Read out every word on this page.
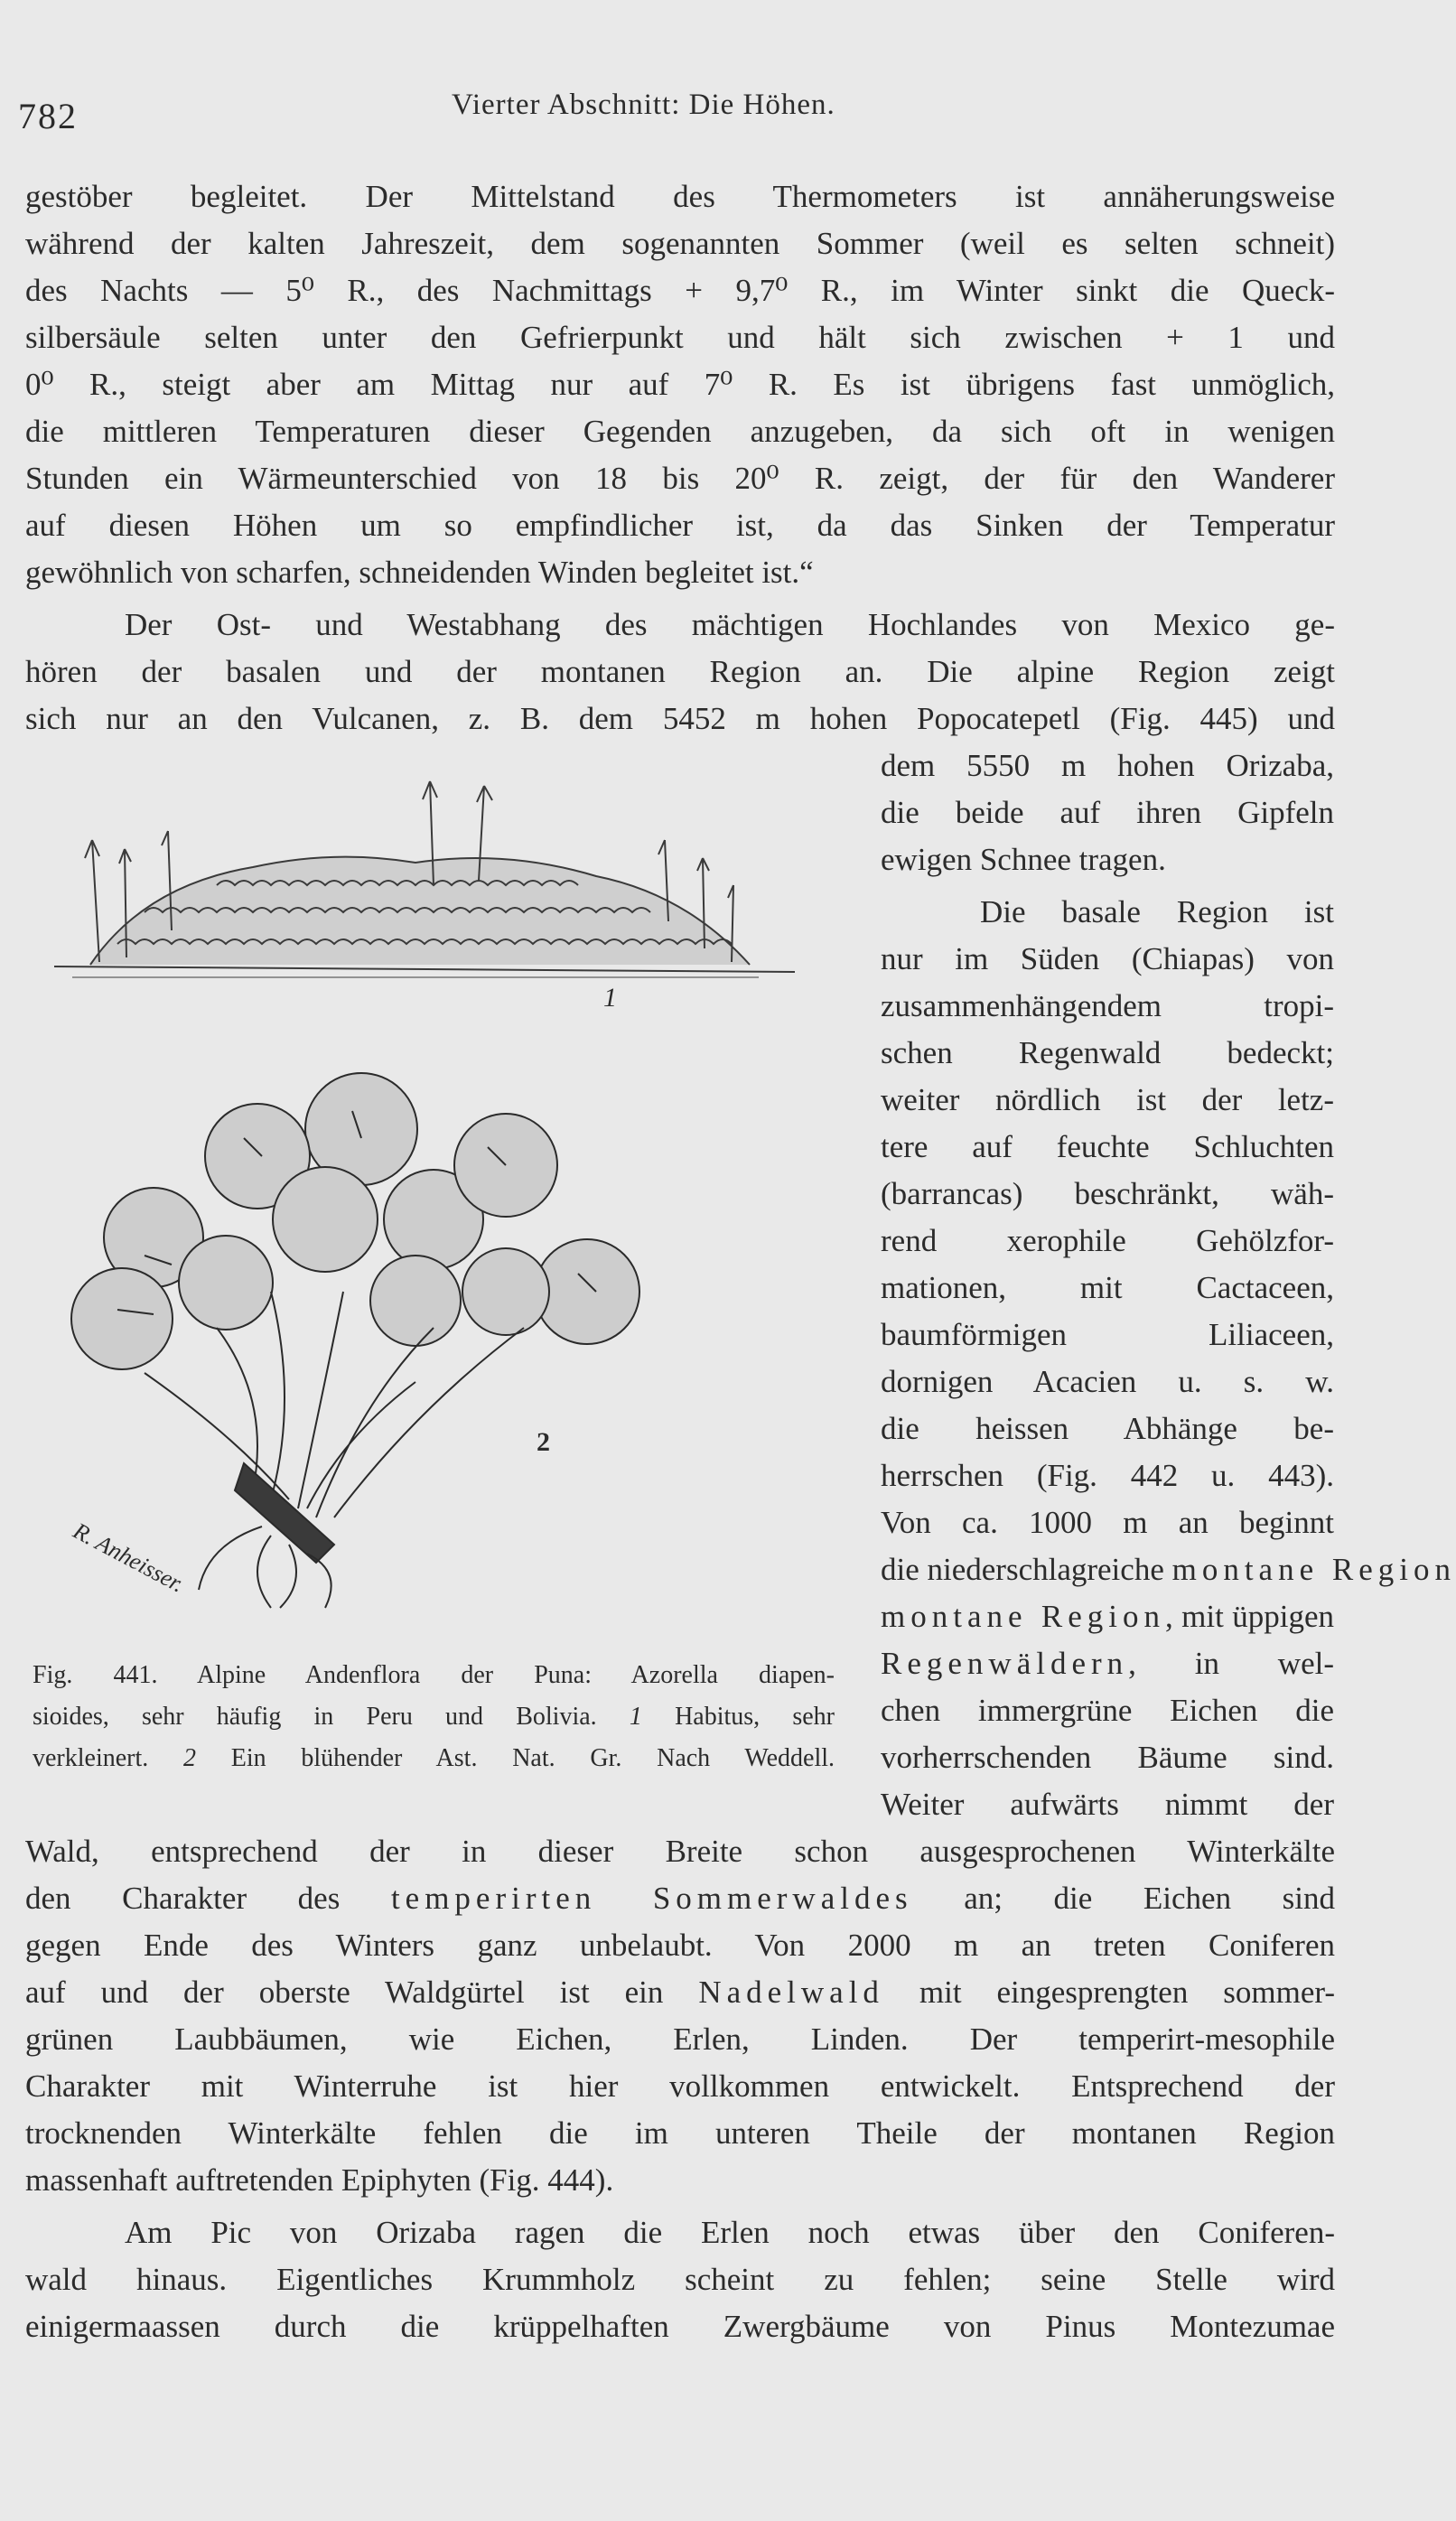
782	Vierter Abschnitt: Die Höhen.
gestöber begleitet. Der Mittelstand des Thermometers ist annäherungsweise
während der kalten Jahreszeit, dem sogenannten Sommer (weil es selten schneit)
des Nachts — 5⁰ R., des Nachmittags + 9,7⁰ R., im Winter sinkt die Queck-
silbersäule selten unter den Gefrierpunkt und hält sich zwischen + 1 und
0⁰ R., steigt aber am Mittag nur auf 7⁰ R. Es ist übrigens fast unmöglich,
die mittleren Temperaturen dieser Gegenden anzugeben, da sich oft in wenigen
Stunden ein Wärmeunterschied von 18 bis 20⁰ R. zeigt, der für den Wanderer
auf diesen Höhen um so empfindlicher ist, da das Sinken der Temperatur
gewöhnlich von scharfen, schneidenden Winden begleitet ist.“
Der Ost- und Westabhang des mächtigen Hochlandes von Mexico ge-
hören der basalen und der montanen Region an. Die alpine Region zeigt
sich nur an den Vulcanen, z. B. dem 5452 m hohen Popocatepetl (Fig. 445) und
dem 5550 m hohen Orizaba,
die beide auf ihren Gipfeln
ewigen Schnee tragen.
Die basale Region ist
nur im Süden (Chiapas) von
zusammenhängendem tropi-
schen Regenwald bedeckt;
weiter nördlich ist der letz-
tere auf feuchte Schluchten
(barrancas) beschränkt, wäh-
rend xerophile Gehölzfor-
mationen, mit Cactaceen,
baumförmigen Liliaceen,
dornigen Acacien u. s. w.
die heissen Abhänge be-
herrschen (Fig. 442 u. 443).
Von ca. 1000 m an beginnt
die niederschlagreiche montane Region
montane Region, mit üppigen
Regenwäldern, in wel-
chen immergrüne Eichen die
vorherrschenden Bäume sind.
Weiter aufwärts nimmt der
Wald, entsprechend der in dieser Breite schon ausgesprochenen Winterkälte
den Charakter des temperirten Sommerwaldes an; die Eichen sind
gegen Ende des Winters ganz unbelaubt. Von 2000 m an treten Coniferen
auf und der oberste Waldgürtel ist ein Nadelwald mit eingesprengten sommer-
grünen Laubbäumen, wie Eichen, Erlen, Linden. Der temperirt-mesophile
Charakter mit Winterruhe ist hier vollkommen entwickelt. Entsprechend der
trocknenden Winterkälte fehlen die im unteren Theile der montanen Region
massenhaft auftretenden Epiphyten (Fig. 444).
Am Pic von Orizaba ragen die Erlen noch etwas über den Coniferen-
wald hinaus. Eigentliches Krummholz scheint zu fehlen; seine Stelle wird
einigermaassen durch die krüppelhaften Zwergbäume von Pinus Montezumae
1
2
R. Anheisser.
Fig. 441. Alpine Andenflora der Puna: Azorella diapen-
sioides, sehr häufig in Peru und Bolivia. 1 Habitus, sehr
verkleinert. 2 Ein blühender Ast. Nat. Gr. Nach Weddell.
